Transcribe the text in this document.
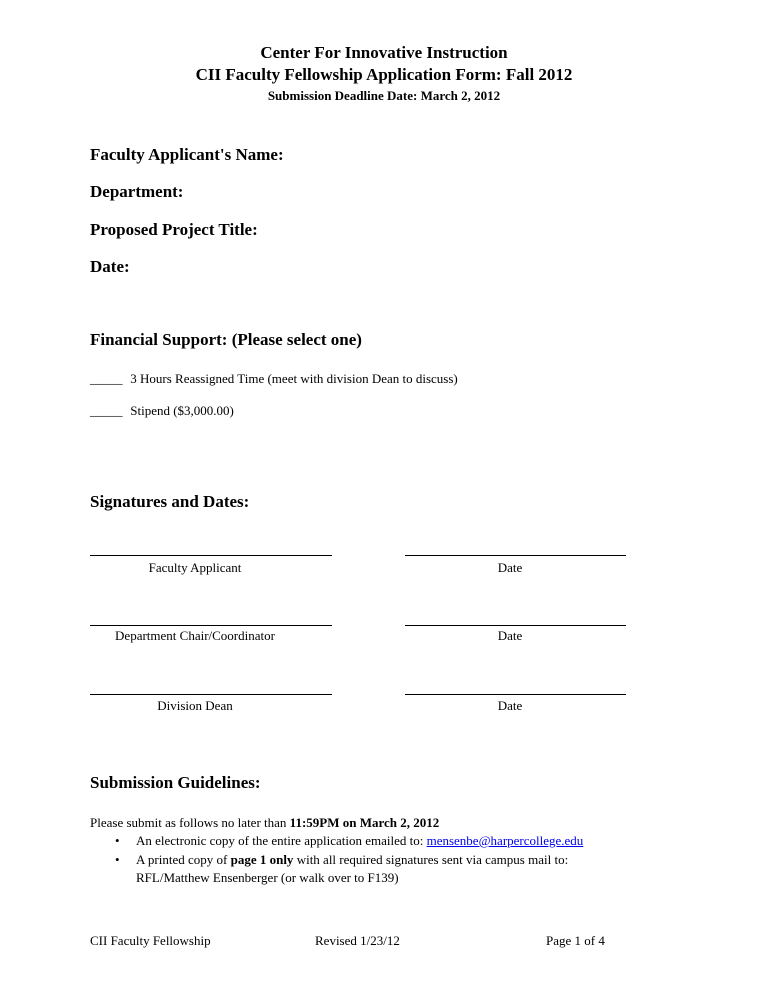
Center For Innovative Instruction
CII Faculty Fellowship Application Form: Fall 2012
Submission Deadline Date: March 2, 2012
Faculty Applicant's Name:
Department:
Proposed Project Title:
Date:
Financial Support: (Please select one)
_____ 3 Hours Reassigned Time (meet with division Dean to discuss)
_____ Stipend ($3,000.00)
Signatures and Dates:
Faculty Applicant	Date
Department Chair/Coordinator	Date
Division Dean	Date
Submission Guidelines:
Please submit as follows no later than 11:59PM on March 2, 2012
• An electronic copy of the entire application emailed to: mensenbe@harpercollege.edu
• A printed copy of page 1 only with all required signatures sent via campus mail to:
RFL/Matthew Ensenberger (or walk over to F139)
CII Faculty Fellowship	Revised 1/23/12	Page 1 of 4
